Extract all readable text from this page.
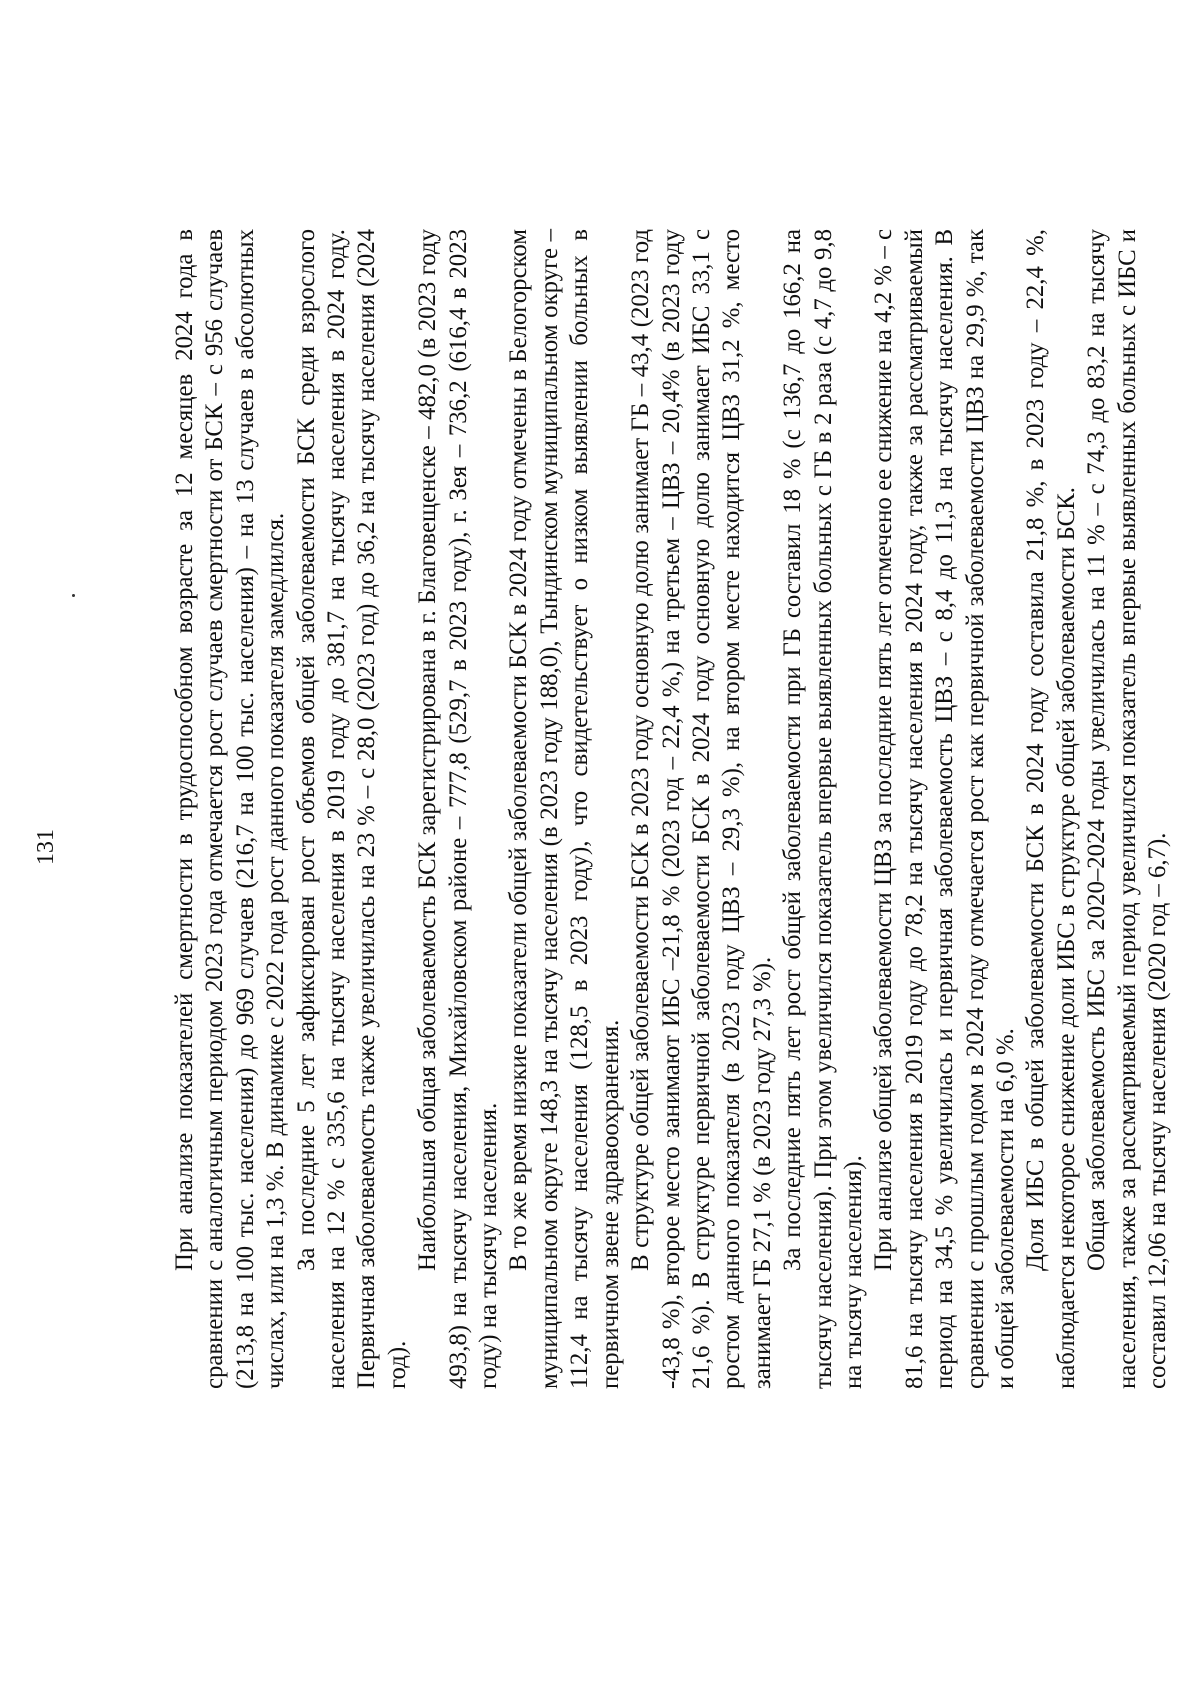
131	При анализе показателей смертности в трудоспособном возрасте за 12 месяцев 2024 года в сравнении с аналогичным периодом 2023 года отмечается рост случаев смертности от БСК – с 956 случаев (213,8 на 100 тыс. населения) до 969 случаев (216,7 на 100 тыс. населения) – на 13 случаев в абсолютных числах, или на 1,3 %. В динамике с 2022 года рост данного показателя замедлился. За последние 5 лет зафиксирован рост объемов общей заболеваемости БСК среди взрослого населения на 12 % с 335,6 на тысячу населения в 2019 году до 381,7 на тысячу населения в 2024 году. Первичная заболеваемость также увеличилась на 23 % – с 28,0 (2023 год) до 36,2 на тысячу населения (2024 год).

Наибольшая общая заболеваемость БСК зарегистрирована в г. Благовещенске – 482,0 (в 2023 году 493,8) на тысячу населения, Михайловском районе – 777,8 (529,7 в 2023 году), г. Зея – 736,2 (616,4 в 2023 году) на тысячу населения. В то же время низкие показатели общей заболеваемости БСК в 2024 году отмечены в Белогорском муниципальном округе 148,3 на тысячу населения (в 2023 году 188,0), Тындинском муниципальном округе – 112,4 на тысячу населения (128,5 в 2023 году), что свидетельствует о низком выявлении больных в первичном звене здравоохранения. В структуре общей заболеваемости БСК в 2023 году основную долю занимает ГБ – 43,4 (2023 год -43,8 %), второе место занимают ИБС –21,8 % (2023 год – 22,4 %,) на третьем – ЦВЗ – 20,4% (в 2023 году 21,6 %). В структуре первичной заболеваемости БСК в 2024 году основную долю занимает ИБС 33,1 с ростом данного показателя (в 2023 году ЦВЗ – 29,3 %), на втором месте находится ЦВЗ 31,2 %, место занимает ГБ 27,1 % (в 2023 году 27,3 %). За последние пять лет рост общей заболеваемости при ГБ составил 18 % (с 136,7 до 166,2 на тысячу населения). При этом увеличился показатель впервые выявленных больных с ГБ в 2 раза (с 4,7 до 9,8 на тысячу населения).

При анализе общей заболеваемости ЦВЗ за последние пять лет отмечено ее снижение на 4,2 % – с 81,6 на тысячу населения в 2019 году до 78,2 на тысячу населения в 2024 году, также за рассматриваемый период на 34,5 % увеличилась и первичная заболеваемость ЦВЗ – с 8,4 до 11,3 на тысячу населения. В сравнении с прошлым годом в 2024 году отмечается рост как первичной заболеваемости ЦВЗ на 29,9 %, так и общей заболеваемости на 6,0 %. Доля ИБС в общей заболеваемости БСК в 2024 году составила 21,8 %, в 2023 году – 22,4 %, наблюдается некоторое снижение доли ИБС в структуре общей заболеваемости БСК. Общая заболеваемость ИБС за 2020–2024 годы увеличилась на 11 % – с 74,3 до 83,2 на тысячу населения, также за рассматриваемый период увеличился показатель впервые выявленных больных с ИБС и составил 12,06 на тысячу населения (2020 год – 6,7).
